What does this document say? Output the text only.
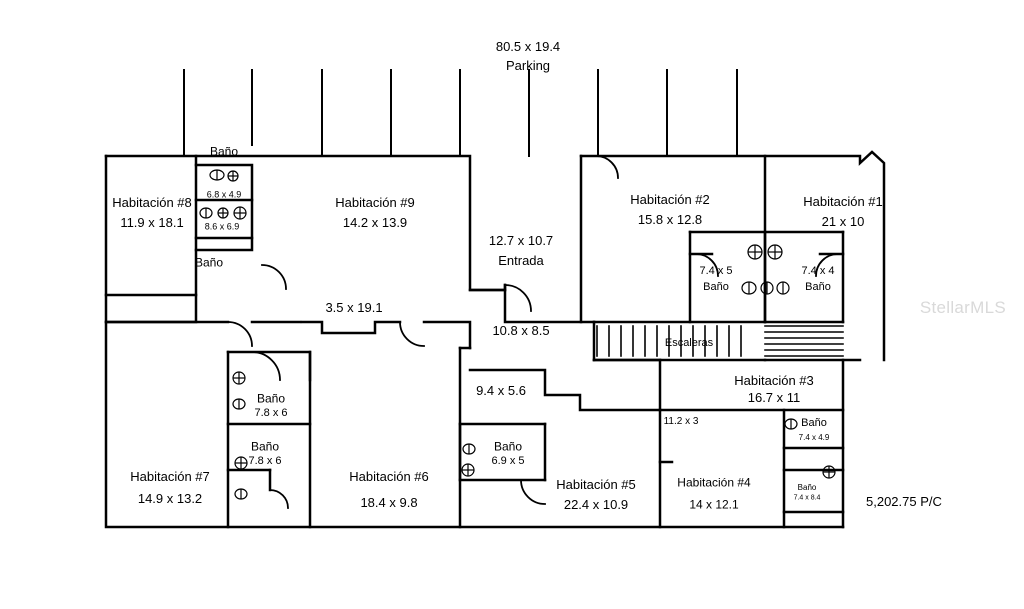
80.5 x 19.4
Parking
Habitación #8
11.9 x 18.1
Habitación #9
14.2 x 13.9
Habitación #2
15.8 x 12.8
Habitación #1
21 x 10
Habitación #3
16.7 x 11
Habitación #7
14.9 x 13.2
Habitación #6
18.4 x 9.8
Habitación #5
22.4 x 10.9
Habitación #4
14 x 12.1
Baño
6.8 x 4.9
8.6 x 6.9
Baño
7.4 x 5
Baño
7.4 x 4
Baño
Baño
7.8 x 6
Baño
7.8 x 6
Baño
6.9 x 5
Baño
7.4 x 4.9
Baño
7.4 x 8.4
12.7 x 10.7
Entrada
3.5 x 19.1
10.8 x 8.5
9.4 x 5.6
11.2 x 3
Escaleras
5,202.75 P/C
StellarMLS
